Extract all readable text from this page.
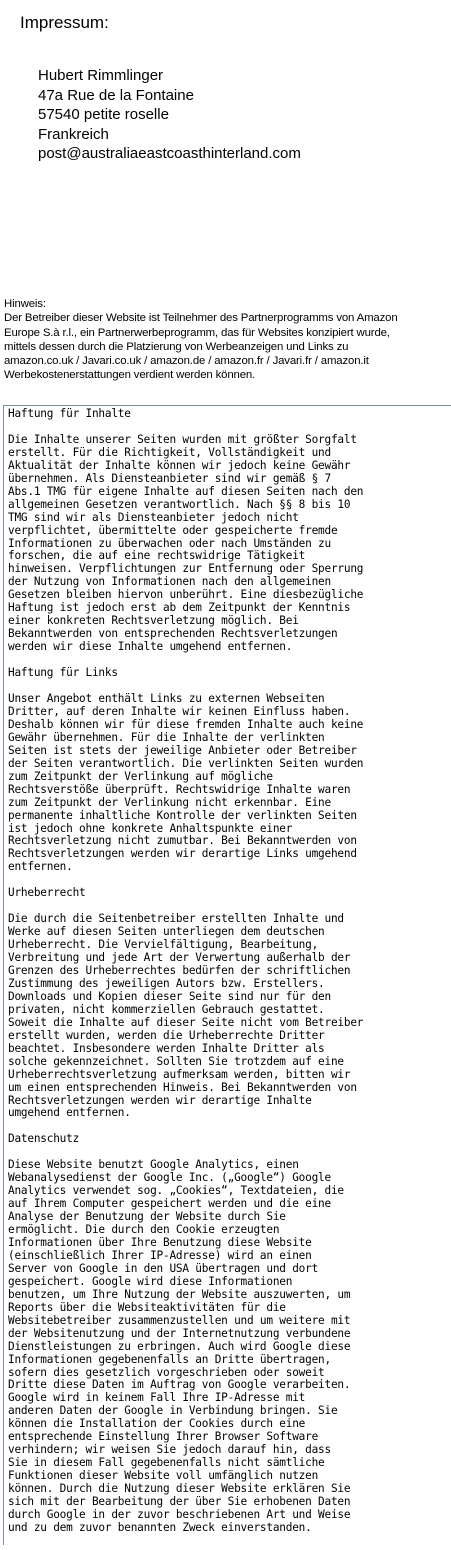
Impressum:
Hubert Rimmlinger
47a Rue de la Fontaine
57540 petite roselle
Frankreich
post@australiaeastcoasthinterland.com
Hinweis:
Der Betreiber dieser Website ist Teilnehmer des Partnerprogramms von Amazon
Europe S.à r.l., ein Partnerwerbeprogramm, das für Websites konzipiert wurde,
mittels dessen durch die Platzierung von Werbeanzeigen und Links zu
amazon.co.uk / Javari.co.uk / amazon.de / amazon.fr / Javari.fr / amazon.it
Werbekostenerstattungen verdient werden können.
Haftung für Inhalte

Die Inhalte unserer Seiten wurden mit größter Sorgfalt
erstellt. Für die Richtigkeit, Vollständigkeit und
Aktualität der Inhalte können wir jedoch keine Gewähr
übernehmen. Als Diensteanbieter sind wir gemäß § 7
Abs.1 TMG für eigene Inhalte auf diesen Seiten nach den
allgemeinen Gesetzen verantwortlich. Nach §§ 8 bis 10
TMG sind wir als Diensteanbieter jedoch nicht
verpflichtet, übermittelte oder gespeicherte fremde
Informationen zu überwachen oder nach Umständen zu
forschen, die auf eine rechtswidrige Tätigkeit
hinweisen. Verpflichtungen zur Entfernung oder Sperrung
der Nutzung von Informationen nach den allgemeinen
Gesetzen bleiben hiervon unberührt. Eine diesbezügliche
Haftung ist jedoch erst ab dem Zeitpunkt der Kenntnis
einer konkreten Rechtsverletzung möglich. Bei
Bekanntwerden von entsprechenden Rechtsverletzungen
werden wir diese Inhalte umgehend entfernen.

Haftung für Links

Unser Angebot enthält Links zu externen Webseiten
Dritter, auf deren Inhalte wir keinen Einfluss haben.
Deshalb können wir für diese fremden Inhalte auch keine
Gewähr übernehmen. Für die Inhalte der verlinkten
Seiten ist stets der jeweilige Anbieter oder Betreiber
der Seiten verantwortlich. Die verlinkten Seiten wurden
zum Zeitpunkt der Verlinkung auf mögliche
Rechtsverstöße überprüft. Rechtswidrige Inhalte waren
zum Zeitpunkt der Verlinkung nicht erkennbar. Eine
permanente inhaltliche Kontrolle der verlinkten Seiten
ist jedoch ohne konkrete Anhaltspunkte einer
Rechtsverletzung nicht zumutbar. Bei Bekanntwerden von
Rechtsverletzungen werden wir derartige Links umgehend
entfernen.

Urheberrecht

Die durch die Seitenbetreiber erstellten Inhalte und
Werke auf diesen Seiten unterliegen dem deutschen
Urheberrecht. Die Vervielfältigung, Bearbeitung,
Verbreitung und jede Art der Verwertung außerhalb der
Grenzen des Urheberrechtes bedürfen der schriftlichen
Zustimmung des jeweiligen Autors bzw. Erstellers.
Downloads und Kopien dieser Seite sind nur für den
privaten, nicht kommerziellen Gebrauch gestattet.
Soweit die Inhalte auf dieser Seite nicht vom Betreiber
erstellt wurden, werden die Urheberrechte Dritter
beachtet. Insbesondere werden Inhalte Dritter als
solche gekennzeichnet. Sollten Sie trotzdem auf eine
Urheberrechtsverletzung aufmerksam werden, bitten wir
um einen entsprechenden Hinweis. Bei Bekanntwerden von
Rechtsverletzungen werden wir derartige Inhalte
umgehend entfernen.

Datenschutz

Diese Website benutzt Google Analytics, einen
Webanalysedienst der Google Inc. („Google“) Google
Analytics verwendet sog. „Cookies“, Textdateien, die
auf Ihrem Computer gespeichert werden und die eine
Analyse der Benutzung der Website durch Sie
ermöglicht. Die durch den Cookie erzeugten
Informationen über Ihre Benutzung diese Website
(einschließlich Ihrer IP-Adresse) wird an einen
Server von Google in den USA übertragen und dort
gespeichert. Google wird diese Informationen
benutzen, um Ihre Nutzung der Website auszuwerten, um
Reports über die Websiteaktivitäten für die
Websitebetreiber zusammenzustellen und um weitere mit
der Websitenutzung und der Internetnutzung verbundene
Dienstleistungen zu erbringen. Auch wird Google diese
Informationen gegebenenfalls an Dritte übertragen,
sofern dies gesetzlich vorgeschrieben oder soweit
Dritte diese Daten im Auftrag von Google verarbeiten.
Google wird in keinem Fall Ihre IP-Adresse mit
anderen Daten der Google in Verbindung bringen. Sie
können die Installation der Cookies durch eine
entsprechende Einstellung Ihrer Browser Software
verhindern; wir weisen Sie jedoch darauf hin, dass
Sie in diesem Fall gegebenenfalls nicht sämtliche
Funktionen dieser Website voll umfänglich nutzen
können. Durch die Nutzung dieser Website erklären Sie
sich mit der Bearbeitung der über Sie erhobenen Daten
durch Google in der zuvor beschriebenen Art und Weise
und zu dem zuvor benannten Zweck einverstanden.
